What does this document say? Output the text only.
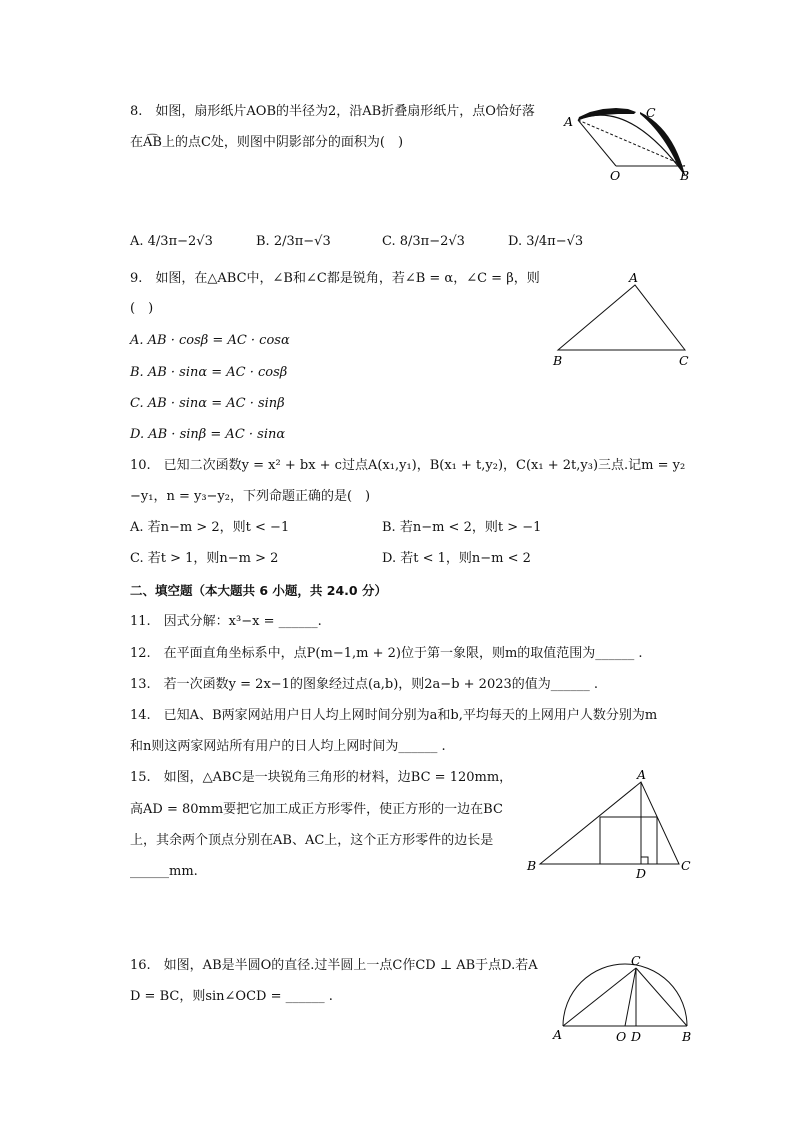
8.　如图，扇形纸片AOB的半径为2，沿AB折叠扇形纸片，点O恰好落
在A͡B上的点C处，则图中阴影部分的面积为(　)
A
C
O	B
A. 4/3π−2√3	B. 2/3π−√3	C. 8/3π−2√3	D. 3/4π−√3
9.　如图，在△ABC中，∠B和∠C都是锐角，若∠B = α，∠C = β，则
(　)
A
B	C
A. AB · cosβ = AC · cosα
B. AB · sinα = AC · cosβ
C. AB · sinα = AC · sinβ
D. AB · sinβ = AC · sinα
10.　已知二次函数y = x² + bx + c过点A(x₁,y₁)，B(x₁ + t,y₂)，C(x₁ + 2t,y₃)三点.记m = y₂
−y₁，n = y₃−y₂，下列命题正确的是(　)
A. 若n−m > 2，则t < −1	B. 若n−m < 2，则t > −1
C. 若t > 1，则n−m > 2	D. 若t < 1，则n−m < 2
二、填空题（本大题共 6 小题，共 24.0 分）
11.　因式分解：x³−x = ______.
12.　在平面直角坐标系中，点P(m−1,m + 2)位于第一象限，则m的取值范围为______ .
13.　若一次函数y = 2x−1的图象经过点(a,b)，则2a−b + 2023的值为______ .
14.　已知A、B两家网站用户日人均上网时间分别为a和b,平均每天的上网用户人数分别为m
和n则这两家网站所有用户的日人均上网时间为______ .
15.　如图，△ABC是一块锐角三角形的材料，边BC = 120mm，
高AD = 80mm要把它加工成正方形零件，使正方形的一边在BC
上，其余两个顶点分别在AB、AC上，这个正方形零件的边长是
______mm.
A
B
D
C
16.　如图，AB是半圆O的直径.过半圆上一点C作CD ⊥ AB于点D.若A
D = BC，则sin∠OCD = ______ .
C
A	O D	B
